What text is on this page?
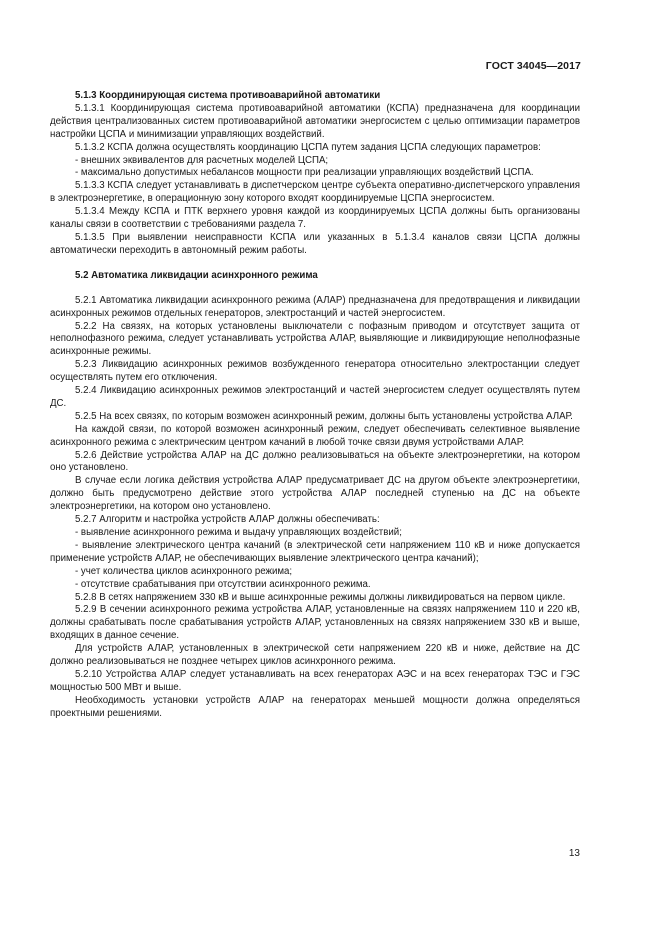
ГОСТ 34045—2017

5.1.3 Координирующая система противоаварийной автоматики

5.1.3.1 Координирующая система противоаварийной автоматики (КСПА) предназначена для координации действия централизованных систем противоаварийной автоматики энергосистем с целью оптимизации параметров настройки ЦСПА и минимизации управляющих воздействий.

5.1.3.2 КСПА должна осуществлять координацию ЦСПА путем задания ЦСПА следующих параметров:

- внешних эквивалентов для расчетных моделей ЦСПА;

- максимально допустимых небалансов мощности при реализации управляющих воздействий ЦСПА.

5.1.3.3 КСПА следует устанавливать в диспетчерском центре субъекта оперативно-диспетчерского управления в электроэнергетике, в операционную зону которого входят координируемые ЦСПА энергосистем.

5.1.3.4 Между КСПА и ПТК верхнего уровня каждой из координируемых ЦСПА должны быть организованы каналы связи в соответствии с требованиями раздела 7.

5.1.3.5 При выявлении неисправности КСПА или указанных в 5.1.3.4 каналов связи ЦСПА должны автоматически переходить в автономный режим работы.

5.2 Автоматика ликвидации асинхронного режима

5.2.1 Автоматика ликвидации асинхронного режима (АЛАР) предназначена для предотвращения и ликвидации асинхронных режимов отдельных генераторов, электростанций и частей энергосистем.

5.2.2 На связях, на которых установлены выключатели с пофазным приводом и отсутствует защита от неполнофазного режима, следует устанавливать устройства АЛАР, выявляющие и ликвидирующие неполнофазные асинхронные режимы.

5.2.3 Ликвидацию асинхронных режимов возбужденного генератора относительно электростанции следует осуществлять путем его отключения.

5.2.4 Ликвидацию асинхронных режимов электростанций и частей энергосистем следует осуществлять путем ДС.

5.2.5 На всех связях, по которым возможен асинхронный режим, должны быть установлены устройства АЛАР.

На каждой связи, по которой возможен асинхронный режим, следует обеспечивать селективное выявление асинхронного режима с электрическим центром качаний в любой точке связи двумя устройствами АЛАР.

5.2.6 Действие устройства АЛАР на ДС должно реализовываться на объекте электроэнергетики, на котором оно установлено.

В случае если логика действия устройства АЛАР предусматривает ДС на другом объекте электроэнергетики, должно быть предусмотрено действие этого устройства АЛАР последней ступенью на ДС на объекте электроэнергетики, на котором оно установлено.

5.2.7 Алгоритм и настройка устройств АЛАР должны обеспечивать:

- выявление асинхронного режима и выдачу управляющих воздействий;

- выявление электрического центра качаний (в электрической сети напряжением 110 кВ и ниже допускается применение устройств АЛАР, не обеспечивающих выявление электрического центра качаний);

- учет количества циклов асинхронного режима;

- отсутствие срабатывания при отсутствии асинхронного режима.

5.2.8 В сетях напряжением 330 кВ и выше асинхронные режимы должны ликвидироваться на первом цикле.

5.2.9 В сечении асинхронного режима устройства АЛАР, установленные на связях напряжением 110 и 220 кВ, должны срабатывать после срабатывания устройств АЛАР, установленных на связях напряжением 330 кВ и выше, входящих в данное сечение.

Для устройств АЛАР, установленных в электрической сети напряжением 220 кВ и ниже, действие на ДС должно реализовываться не позднее четырех циклов асинхронного режима.

5.2.10 Устройства АЛАР следует устанавливать на всех генераторах АЭС и на всех генераторах ТЭС и ГЭС мощностью 500 МВт и выше.

Необходимость установки устройств АЛАР на генераторах меньшей мощности должна определяться проектными решениями.

13
